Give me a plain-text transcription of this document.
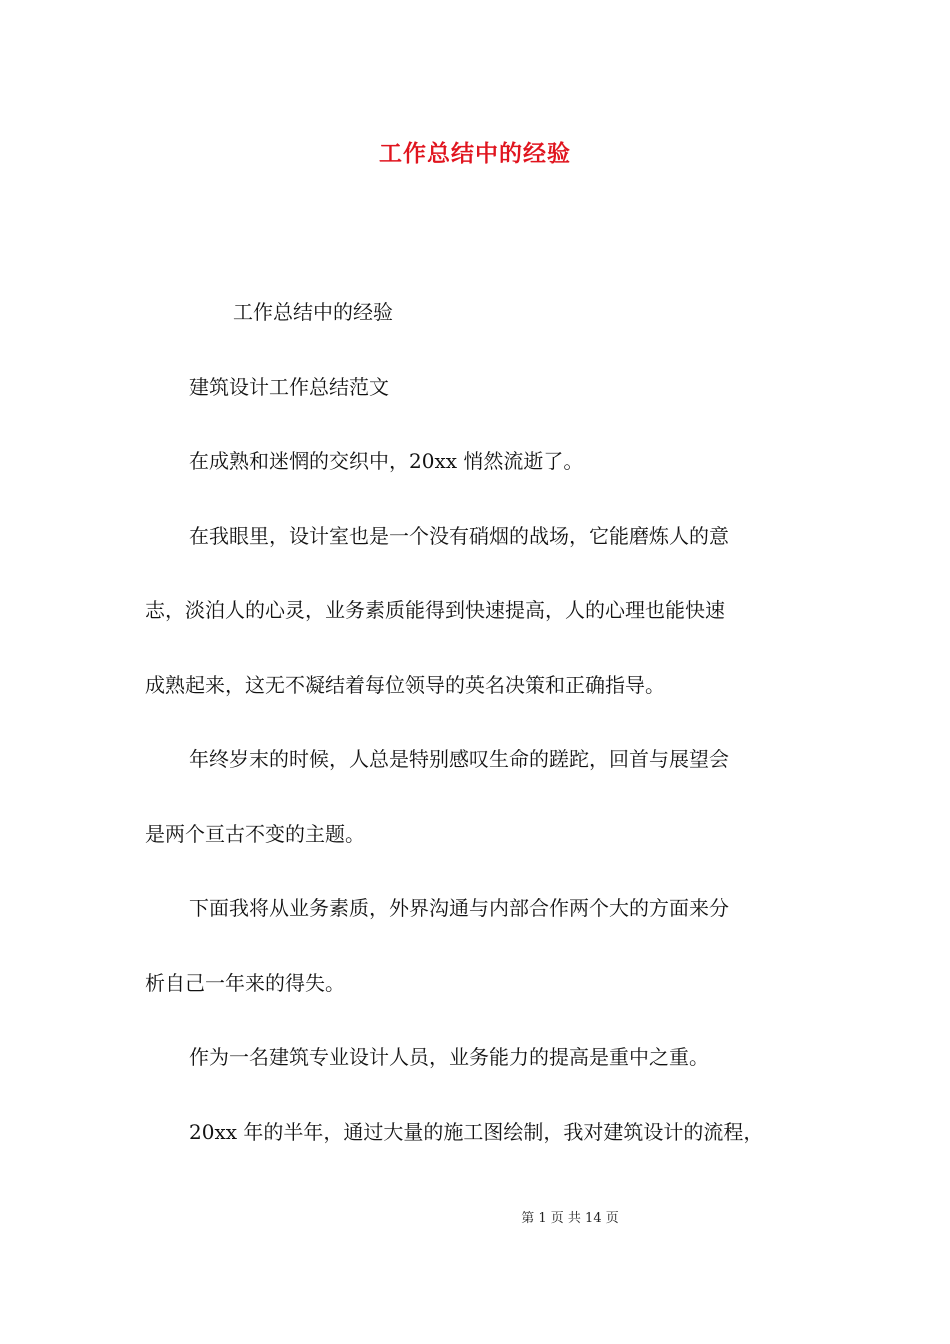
工作总结中的经验
工作总结中的经验
建筑设计工作总结范文
在成熟和迷惘的交织中，20xx 悄然流逝了。
在我眼里，设计室也是一个没有硝烟的战场，它能磨炼人的意
志，淡泊人的心灵，业务素质能得到快速提高，人的心理也能快速
成熟起来，这无不凝结着每位领导的英名决策和正确指导。
年终岁末的时候，人总是特别感叹生命的蹉跎，回首与展望会
是两个亘古不变的主题。
下面我将从业务素质，外界沟通与内部合作两个大的方面来分
析自己一年来的得失。
作为一名建筑专业设计人员，业务能力的提高是重中之重。
20xx 年的半年，通过大量的施工图绘制，我对建筑设计的流程，
第 1 页 共 14 页
